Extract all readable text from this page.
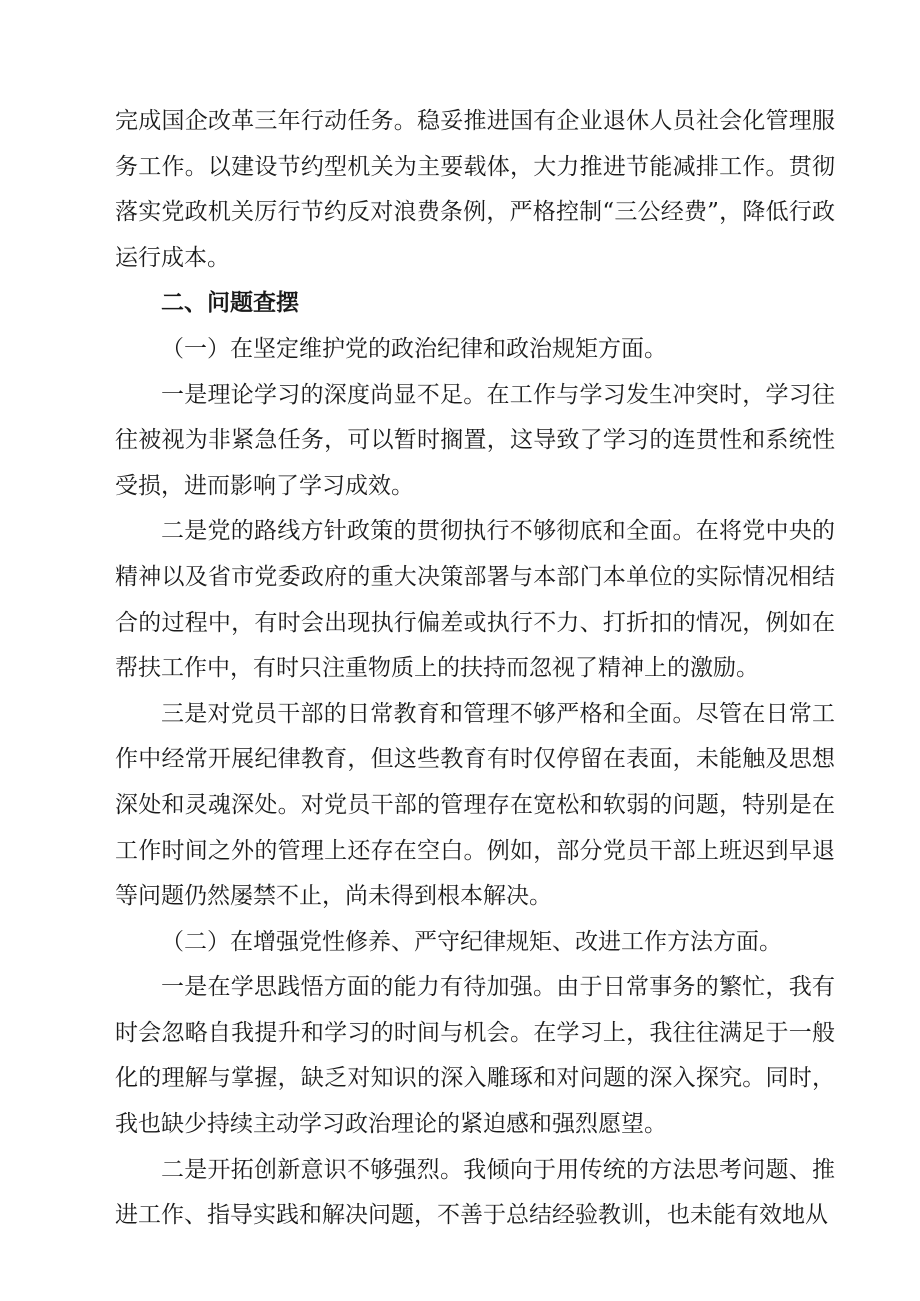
完成国企改革三年行动任务。稳妥推进国有企业退休人员社会化管理服务工作。以建设节约型机关为主要载体，大力推进节能减排工作。贯彻落实党政机关厉行节约反对浪费条例，严格控制“三公经费”，降低行政运行成本。

二、问题查摆

（一）在坚定维护党的政治纪律和政治规矩方面。

一是理论学习的深度尚显不足。在工作与学习发生冲突时，学习往往被视为非紧急任务，可以暂时搁置，这导致了学习的连贯性和系统性受损，进而影响了学习成效。

二是党的路线方针政策的贯彻执行不够彻底和全面。在将党中央的精神以及省市党委政府的重大决策部署与本部门本单位的实际情况相结合的过程中，有时会出现执行偏差或执行不力、打折扣的情况，例如在帮扶工作中，有时只注重物质上的扶持而忽视了精神上的激励。

三是对党员干部的日常教育和管理不够严格和全面。尽管在日常工作中经常开展纪律教育，但这些教育有时仅停留在表面，未能触及思想深处和灵魂深处。对党员干部的管理存在宽松和软弱的问题，特别是在工作时间之外的管理上还存在空白。例如，部分党员干部上班迟到早退等问题仍然屡禁不止，尚未得到根本解决。

（二）在增强党性修养、严守纪律规矩、改进工作方法方面。

一是在学思践悟方面的能力有待加强。由于日常事务的繁忙，我有时会忽略自我提升和学习的时间与机会。在学习上，我往往满足于一般化的理解与掌握，缺乏对知识的深入雕琢和对问题的深入探究。同时，我也缺少持续主动学习政治理论的紧迫感和强烈愿望。

二是开拓创新意识不够强烈。我倾向于用传统的方法思考问题、推进工作、指导实践和解决问题，不善于总结经验教训，也未能有效地从
